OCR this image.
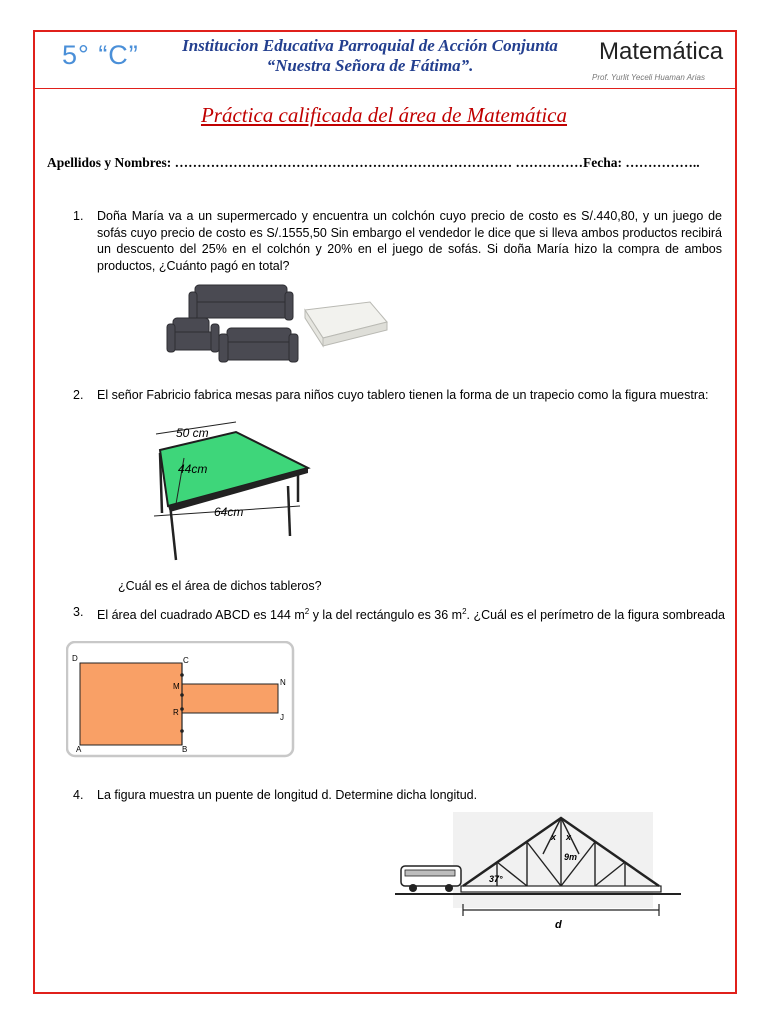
5° “C”	Institucion Educativa Parroquial de Acción Conjunta
“Nuestra Señora de Fátima”.
Matemática
Prof. Yurlit Yeceli Huaman Arias
Práctica calificada del área de Matemática
Apellidos y Nombres: ………………………………………………………………… ……………Fecha: ……………..
1. Doña María va a un supermercado y encuentra un colchón cuyo precio de costo es S/.440,80, y un juego de sofás cuyo precio de costo es S/.1555,50 Sin embargo el vendedor le dice que si lleva ambos productos recibirá un descuento del 25% en el colchón y 20% en el juego de sofás. Si doña María hizo la compra de ambos productos, ¿Cuánto pagó en total?
2. El señor Fabricio fabrica mesas para niños cuyo tablero tienen la forma de un trapecio como la figura muestra:
50 cm
44cm
64cm
¿Cuál es el área de dichos tableros?
3. El área del cuadrado ABCD es 144 $m^2$ y la del rectángulo es 36 $m^2$. ¿Cuál es el perímetro de la figura sombreada
D	C
M
R
A	B
N
J
4. La figura muestra un puente de longitud d. Determine dicha longitud.
37°
9m
x x
d
